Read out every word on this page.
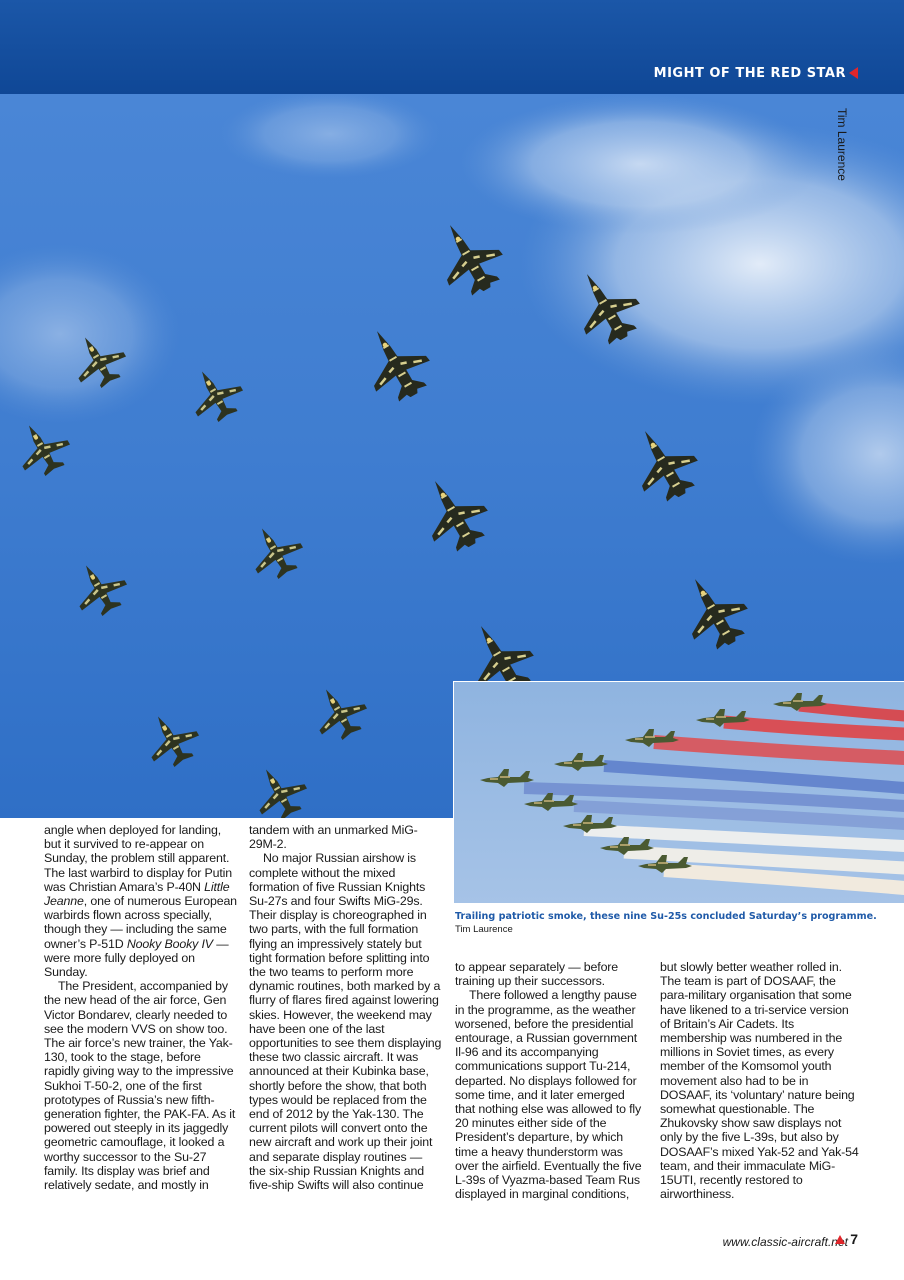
MIGHT OF THE RED STAR
Tim Laurence
Trailing patriotic smoke, these nine Su-25s concluded Saturday’s programme. Tim Laurence

angle when deployed for landing, but it survived to re-appear on Sunday, the problem still apparent. The last warbird to display for Putin was Christian Amara’s P-40N Little Jeanne, one of numerous European warbirds flown across specially, though they — including the same owner’s P-51D Nooky Booky IV — were more fully deployed on Sunday.

The President, accompanied by the new head of the air force, Gen Victor Bondarev, clearly needed to see the modern VVS on show too. The air force’s new trainer, the Yak-130, took to the stage, before rapidly giving way to the impressive Sukhoi T-50-2, one of the first prototypes of Russia’s new fifth-generation fighter, the PAK-FA. As it powered out steeply in its jaggedly geometric camouflage, it looked a worthy successor to the Su-27 family. Its display was brief and relatively sedate, and mostly in

tandem with an unmarked MiG-29M-2.

No major Russian airshow is complete without the mixed formation of five Russian Knights Su-27s and four Swifts MiG-29s. Their display is choreographed in two parts, with the full formation flying an impressively stately but tight formation before splitting into the two teams to perform more dynamic routines, both marked by a flurry of flares fired against lowering skies. However, the weekend may have been one of the last opportunities to see them displaying these two classic aircraft. It was announced at their Kubinka base, shortly before the show, that both types would be replaced from the end of 2012 by the Yak-130. The current pilots will convert onto the new aircraft and work up their joint and separate display routines — the six-ship Russian Knights and five-ship Swifts will also continue

to appear separately — before training up their successors.

There followed a lengthy pause in the programme, as the weather worsened, before the presidential entourage, a Russian government Il-96 and its accompanying communications support Tu-214, departed. No displays followed for some time, and it later emerged that nothing else was allowed to fly 20 minutes either side of the President’s departure, by which time a heavy thunderstorm was over the airfield. Eventually the five L-39s of Vyazma-based Team Rus displayed in marginal conditions,

but slowly better weather rolled in. The team is part of DOSAAF, the para-military organisation that some have likened to a tri-service version of Britain’s Air Cadets. Its membership was numbered in the millions in Soviet times, as every member of the Komsomol youth movement also had to be in DOSAAF, its ‘voluntary’ nature being somewhat questionable. The Zhukovsky show saw displays not only by the five L-39s, but also by DOSAAF’s mixed Yak-52 and Yak-54 team, and their immaculate MiG-15UTI, recently restored to airworthiness.

www.classic-aircraft.net 7
